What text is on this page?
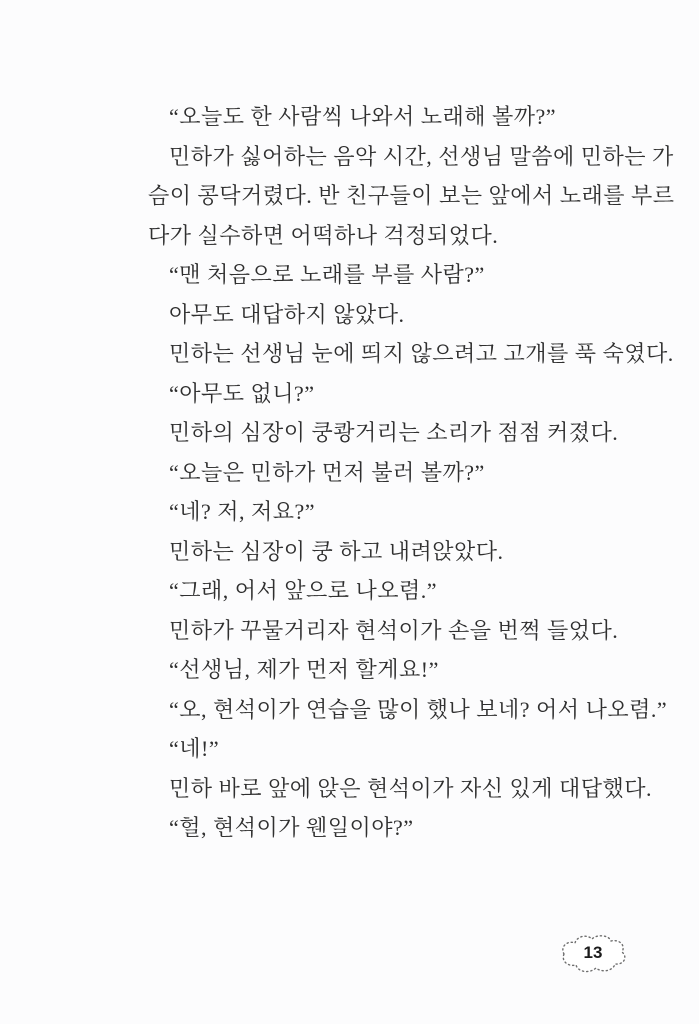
“오늘도 한 사람씩 나와서 노래해 볼까?”
민하가 싫어하는 음악 시간, 선생님 말씀에 민하는 가
슴이 콩닥거렸다. 반 친구들이 보는 앞에서 노래를 부르
다가 실수하면 어떡하나 걱정되었다.
“맨 처음으로 노래를 부를 사람?”
아무도 대답하지 않았다.
민하는 선생님 눈에 띄지 않으려고 고개를 푹 숙였다.
“아무도 없니?”
민하의 심장이 쿵쾅거리는 소리가 점점 커졌다.
“오늘은 민하가 먼저 불러 볼까?”
“네? 저, 저요?”
민하는 심장이 쿵 하고 내려앉았다.
“그래, 어서 앞으로 나오렴.”
민하가 꾸물거리자 현석이가 손을 번쩍 들었다.
“선생님, 제가 먼저 할게요!”
“오, 현석이가 연습을 많이 했나 보네? 어서 나오렴.”
“네!”
민하 바로 앞에 앉은 현석이가 자신 있게 대답했다.
“헐, 현석이가 웬일이야?”
13
